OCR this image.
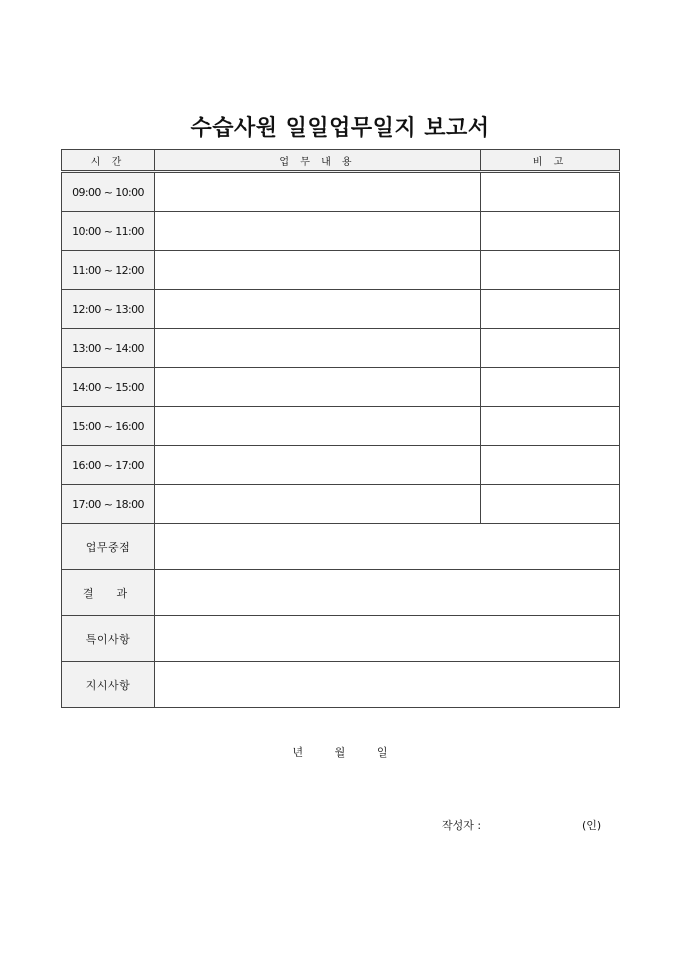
수습사원 일일업무일지 보고서
시 간	업 무 내 용	비 고
09:00 ~ 10:00		
10:00 ~ 11:00		
11:00 ~ 12:00		
12:00 ~ 13:00		
13:00 ~ 14:00		
14:00 ~ 15:00		
15:00 ~ 16:00		
16:00 ~ 17:00		
17:00 ~ 18:00		
업무중점		
결　과		
특이사항		
지시사항		
년	월	일
작성자 :	(인)
